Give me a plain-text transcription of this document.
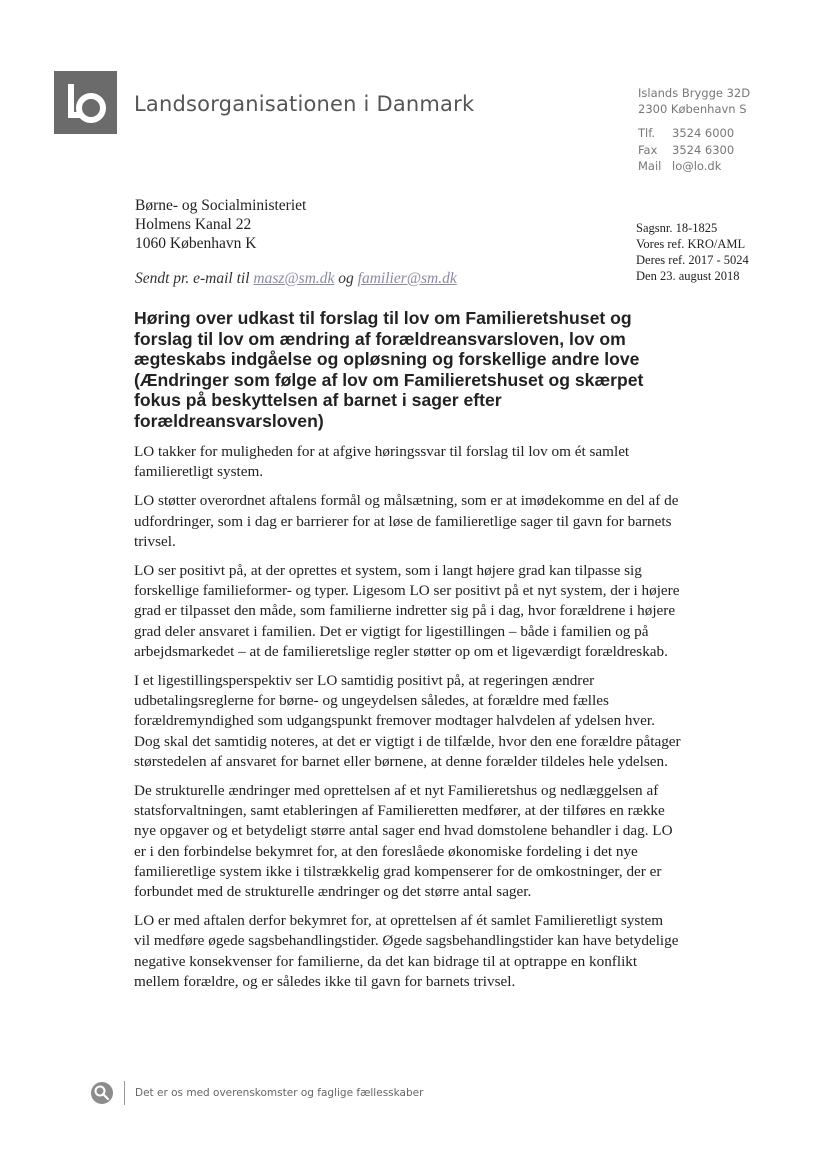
Landsorganisationen i Danmark	Islands Brygge 32D
2300 København S
Tlf.	3524 6000
Fax	3524 6300
Mail lo@lo.dk
Børne- og Socialministeriet
Holmens Kanal 22
1060 København K
Sendt pr. e-mail til masz@sm.dk og familier@sm.dk
Sagsnr. 18-1825
Vores ref. KRO/AML
Deres ref. 2017 - 5024
Den 23. august 2018
Høring over udkast til forslag til lov om Familieretshuset og forslag til lov om ændring af forældreansvarsloven, lov om ægteskabs indgåelse og opløsning og forskellige andre love (Ændringer som følge af lov om Familieretshuset og skærpet fokus på beskyttelsen af barnet i sager efter forældreansvarsloven)

LO takker for muligheden for at afgive høringssvar til forslag til lov om ét samlet familieretligt system.

LO støtter overordnet aftalens formål og målsætning, som er at imødekomme en del af de udfordringer, som i dag er barrierer for at løse de familieretlige sager til gavn for barnets trivsel.

LO ser positivt på, at der oprettes et system, som i langt højere grad kan tilpasse sig forskellige familieformer- og typer. Ligesom LO ser positivt på et nyt system, der i højere grad er tilpasset den måde, som familierne indretter sig på i dag, hvor forældrene i højere grad deler ansvaret i familien. Det er vigtigt for ligestillingen – både i familien og på arbejdsmarkedet – at de familieretslige regler støtter op om et ligeværdigt forældreskab.

I et ligestillingsperspektiv ser LO samtidig positivt på, at regeringen ændrer udbetalingsreglerne for børne- og ungeydelsen således, at forældre med fælles forældremyndighed som udgangspunkt fremover modtager halvdelen af ydelsen hver. Dog skal det samtidig noteres, at det er vigtigt i de tilfælde, hvor den ene forældre påtager størstedelen af ansvaret for barnet eller børnene, at denne forælder tildeles hele ydelsen.

De strukturelle ændringer med oprettelsen af et nyt Familieretshus og nedlæggelsen af statsforvaltningen, samt etableringen af Familieretten medfører, at der tilføres en række nye opgaver og et betydeligt større antal sager end hvad domstolene behandler i dag. LO er i den forbindelse bekymret for, at den foreslåede økonomiske fordeling i det nye familieretlige system ikke i tilstrækkelig grad kompenserer for de omkostninger, der er forbundet med de strukturelle ændringer og det større antal sager.

LO er med aftalen derfor bekymret for, at oprettelsen af ét samlet Familieretligt system vil medføre øgede sagsbehandlingstider. Øgede sagsbehandlingstider kan have betydelige negative konsekvenser for familierne, da det kan bidrage til at optrappe en konflikt mellem forældre, og er således ikke til gavn for barnets trivsel.

Det er os med overenskomster og faglige fællesskaber
